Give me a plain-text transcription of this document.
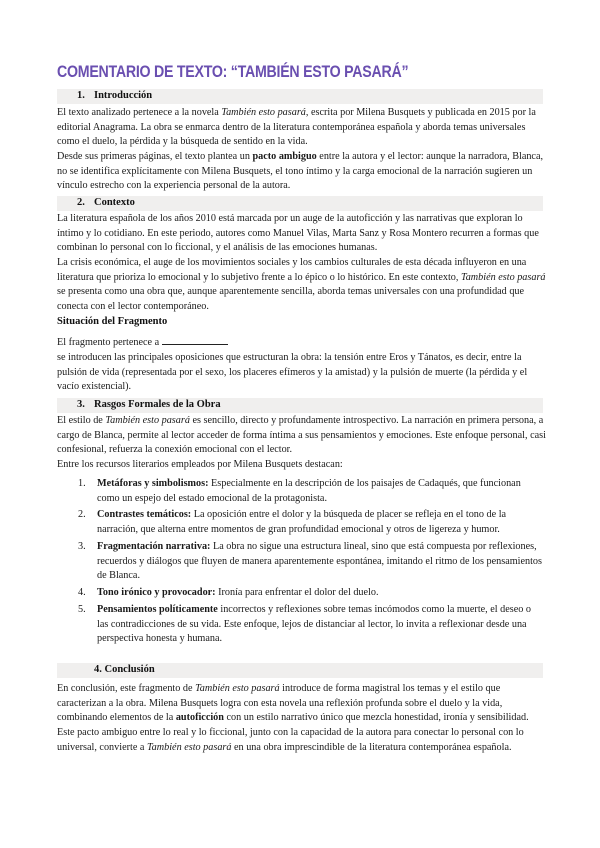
COMENTARIO DE TEXTO: “TAMBIÉN ESTO PASARÁ”
1. Introducción

El texto analizado pertenece a la novela También esto pasará, escrita por Milena Busquets y publicada en 2015 por la editorial Anagrama. La obra se enmarca dentro de la literatura contemporánea española y aborda temas universales como el duelo, la pérdida y la búsqueda de sentido en la vida.

Desde sus primeras páginas, el texto plantea un pacto ambiguo entre la autora y el lector: aunque la narradora, Blanca, no se identifica explícitamente con Milena Busquets, el tono íntimo y la carga emocional de la narración sugieren un vínculo estrecho con la experiencia personal de la autora.

2. Contexto

La literatura española de los años 2010 está marcada por un auge de la autoficción y las narrativas que exploran lo íntimo y lo cotidiano. En este periodo, autores como Manuel Vilas, Marta Sanz y Rosa Montero recurren a formas que combinan lo personal con lo ficcional, y el análisis de las emociones humanas.

La crisis económica, el auge de los movimientos sociales y los cambios culturales de esta década influyeron en una literatura que prioriza lo emocional y lo subjetivo frente a lo épico o lo histórico. En este contexto, También esto pasará se presenta como una obra que, aunque aparentemente sencilla, aborda temas universales con una profundidad que conecta con el lector contemporáneo.

Situación del Fragmento

El fragmento pertenece a

se introducen las principales oposiciones que estructuran la obra: la tensión entre Eros y Tánatos, es decir, entre la pulsión de vida (representada por el sexo, los placeres efímeros y la amistad) y la pulsión de muerte (la pérdida y el vacío existencial).

3. Rasgos Formales de la Obra

El estilo de También esto pasará es sencillo, directo y profundamente introspectivo. La narración en primera persona, a cargo de Blanca, permite al lector acceder de forma íntima a sus pensamientos y emociones. Este enfoque personal, casi confesional, refuerza la conexión emocional con el lector.

Entre los recursos literarios empleados por Milena Busquets destacan:

1. Metáforas y simbolismos: Especialmente en la descripción de los paisajes de Cadaqués, que funcionan como un espejo del estado emocional de la protagonista.
2. Contrastes temáticos: La oposición entre el dolor y la búsqueda de placer se refleja en el tono de la narración, que alterna entre momentos de gran profundidad emocional y otros de ligereza y humor.
3. Fragmentación narrativa: La obra no sigue una estructura lineal, sino que está compuesta por reflexiones, recuerdos y diálogos que fluyen de manera aparentemente espontánea, imitando el ritmo de los pensamientos de Blanca.
4. Tono irónico y provocador: Ironía para enfrentar el dolor del duelo.
5. Pensamientos políticamente incorrectos y reflexiones sobre temas incómodos como la muerte, el deseo o las contradicciones de su vida. Este enfoque, lejos de distanciar al lector, lo invita a reflexionar desde una perspectiva honesta y humana.
4. Conclusión

En conclusión, este fragmento de También esto pasará introduce de forma magistral los temas y el estilo que caracterizan a la obra. Milena Busquets logra con esta novela una reflexión profunda sobre el duelo y la vida, combinando elementos de la autoficción con un estilo narrativo único que mezcla honestidad, ironía y sensibilidad. Este pacto ambiguo entre lo real y lo ficcional, junto con la capacidad de la autora para conectar lo personal con lo universal, convierte a También esto pasará en una obra imprescindible de la literatura contemporánea española.
